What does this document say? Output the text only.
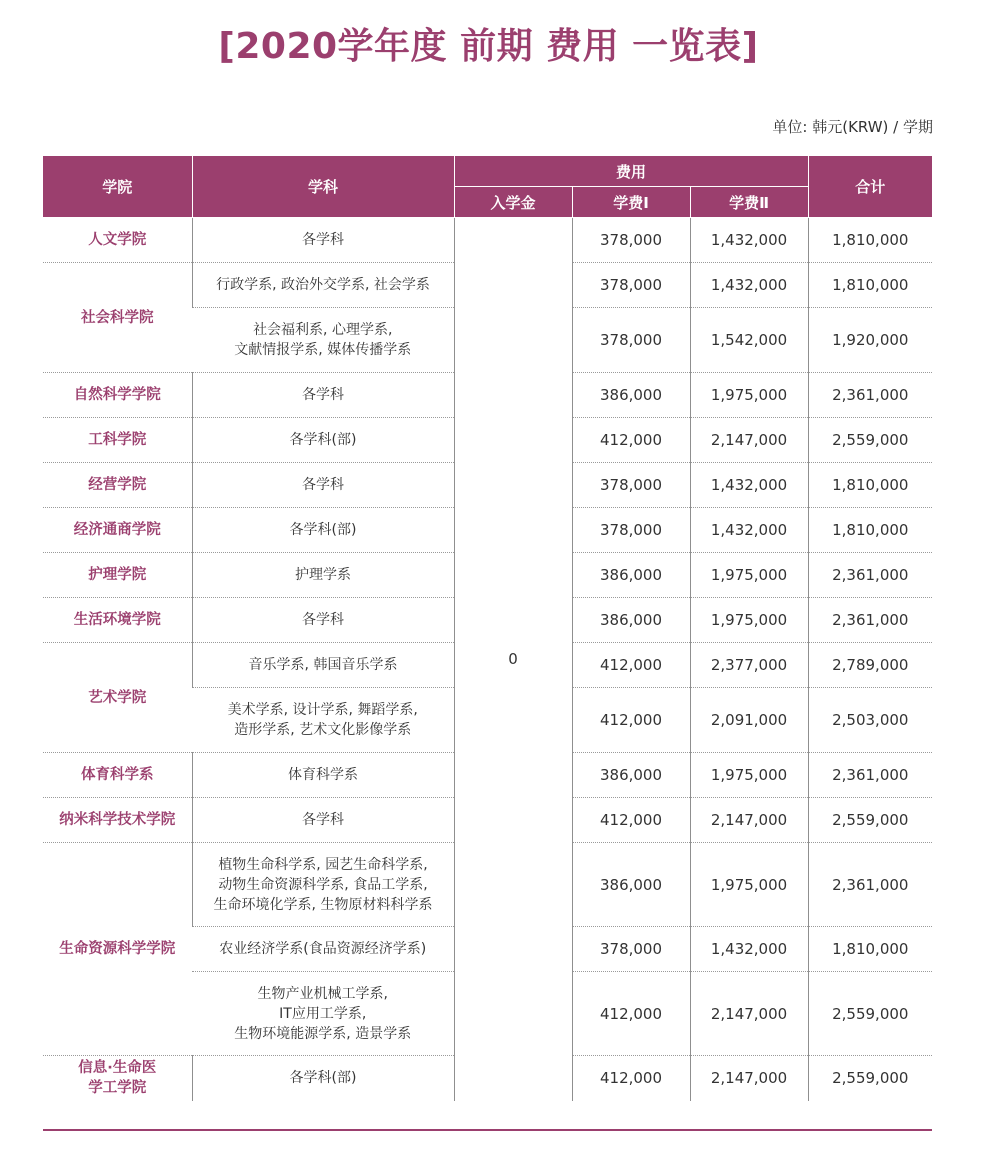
[2020学年度 前期 费用 一览表]
单位: 韩元(KRW) / 学期
学院	学科	费用			合计
		入学金	学费Ⅰ	学费Ⅱ	
人文学院	各学科	0	378,000	1,432,000	1,810,000
社会科学院	行政学系, 政治外交学系, 社会学系		378,000	1,432,000	1,810,000
	社会福利系, 心理学系,
文献情报学系, 媒体传播学系		378,000	1,542,000	1,920,000
自然科学学院	各学科		386,000	1,975,000	2,361,000
工科学院	各学科(部)		412,000	2,147,000	2,559,000
经营学院	各学科		378,000	1,432,000	1,810,000
经济通商学院	各学科(部)		378,000	1,432,000	1,810,000
护理学院	护理学系		386,000	1,975,000	2,361,000
生活环境学院	各学科		386,000	1,975,000	2,361,000
艺术学院	音乐学系, 韩国音乐学系		412,000	2,377,000	2,789,000
	美术学系, 设计学系, 舞蹈学系,
造形学系, 艺术文化影像学系		412,000	2,091,000	2,503,000
体育科学系	体育科学系		386,000	1,975,000	2,361,000
纳米科学技术学院	各学科		412,000	2,147,000	2,559,000
生命资源科学学院	植物生命科学系, 园艺生命科学系,
动物生命资源科学系, 食品工学系,
生命环境化学系, 生物原材料科学系		386,000	1,975,000	2,361,000
	农业经济学系(食品资源经济学系)		378,000	1,432,000	1,810,000
	生物产业机械工学系,
IT应用工学系,
生物环境能源学系, 造景学系		412,000	2,147,000	2,559,000
信息·生命医
学工学院	各学科(部)		412,000	2,147,000	2,559,000
